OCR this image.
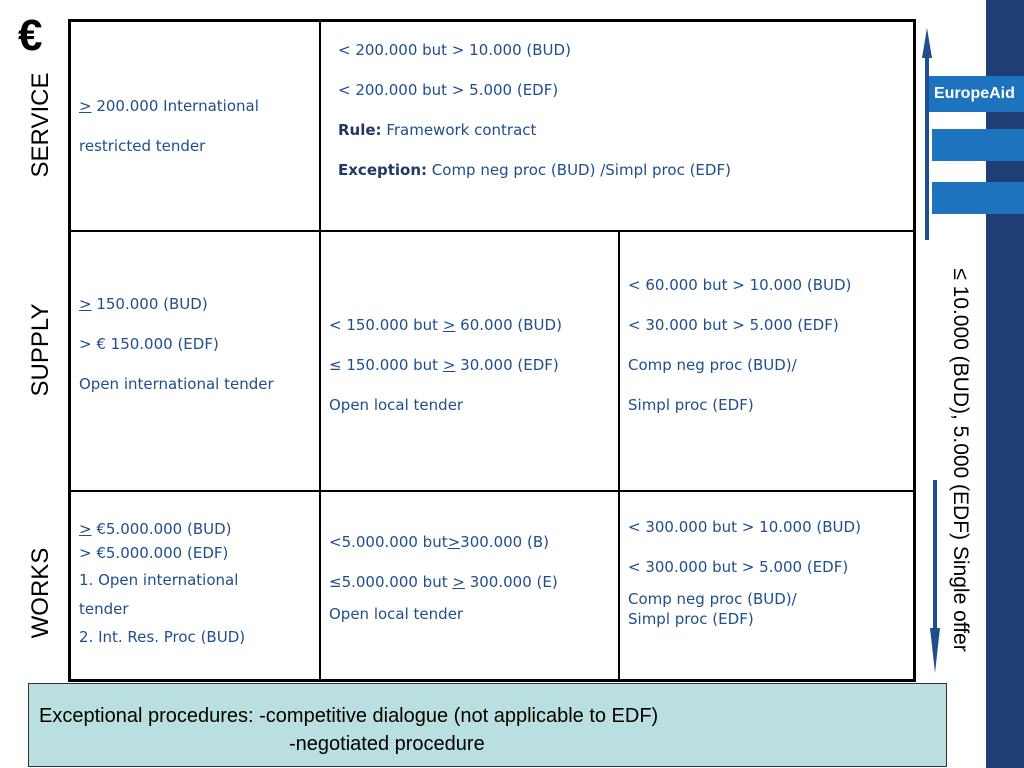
€
SERVICE
SUPPLY
WORKS

≥ 200.000 International

restricted tender

< 200.000 but > 10.000 (BUD)

< 200.000 but > 5.000 (EDF)

Rule: Framework contract

Exception: Comp neg proc (BUD) /Simpl proc (EDF)

≥ 150.000 (BUD)

> € 150.000 (EDF)

Open international tender

< 150.000 but > 60.000 (BUD)

≤ 150.000 but > 30.000 (EDF)

Open local tender

< 60.000 but > 10.000 (BUD)

< 30.000 but > 5.000 (EDF)

Comp neg proc (BUD)/

Simpl proc (EDF)

≥ €5.000.000 (BUD)

> €5.000.000 (EDF)

1. Open international

tender

2. Int. Res. Proc (BUD)

<5.000.000 but>300.000 (B)

≤5.000.000 but > 300.000 (E)

Open local tender

< 300.000 but > 10.000 (BUD)

< 300.000 but > 5.000 (EDF)

Comp neg proc (BUD)/

Simpl proc (EDF)

EuropeAid
≤ 10.000 (BUD), 5.000 (EDF) Single offer
Exceptional procedures: -competitive dialogue (not applicable to EDF)
-negotiated procedure
